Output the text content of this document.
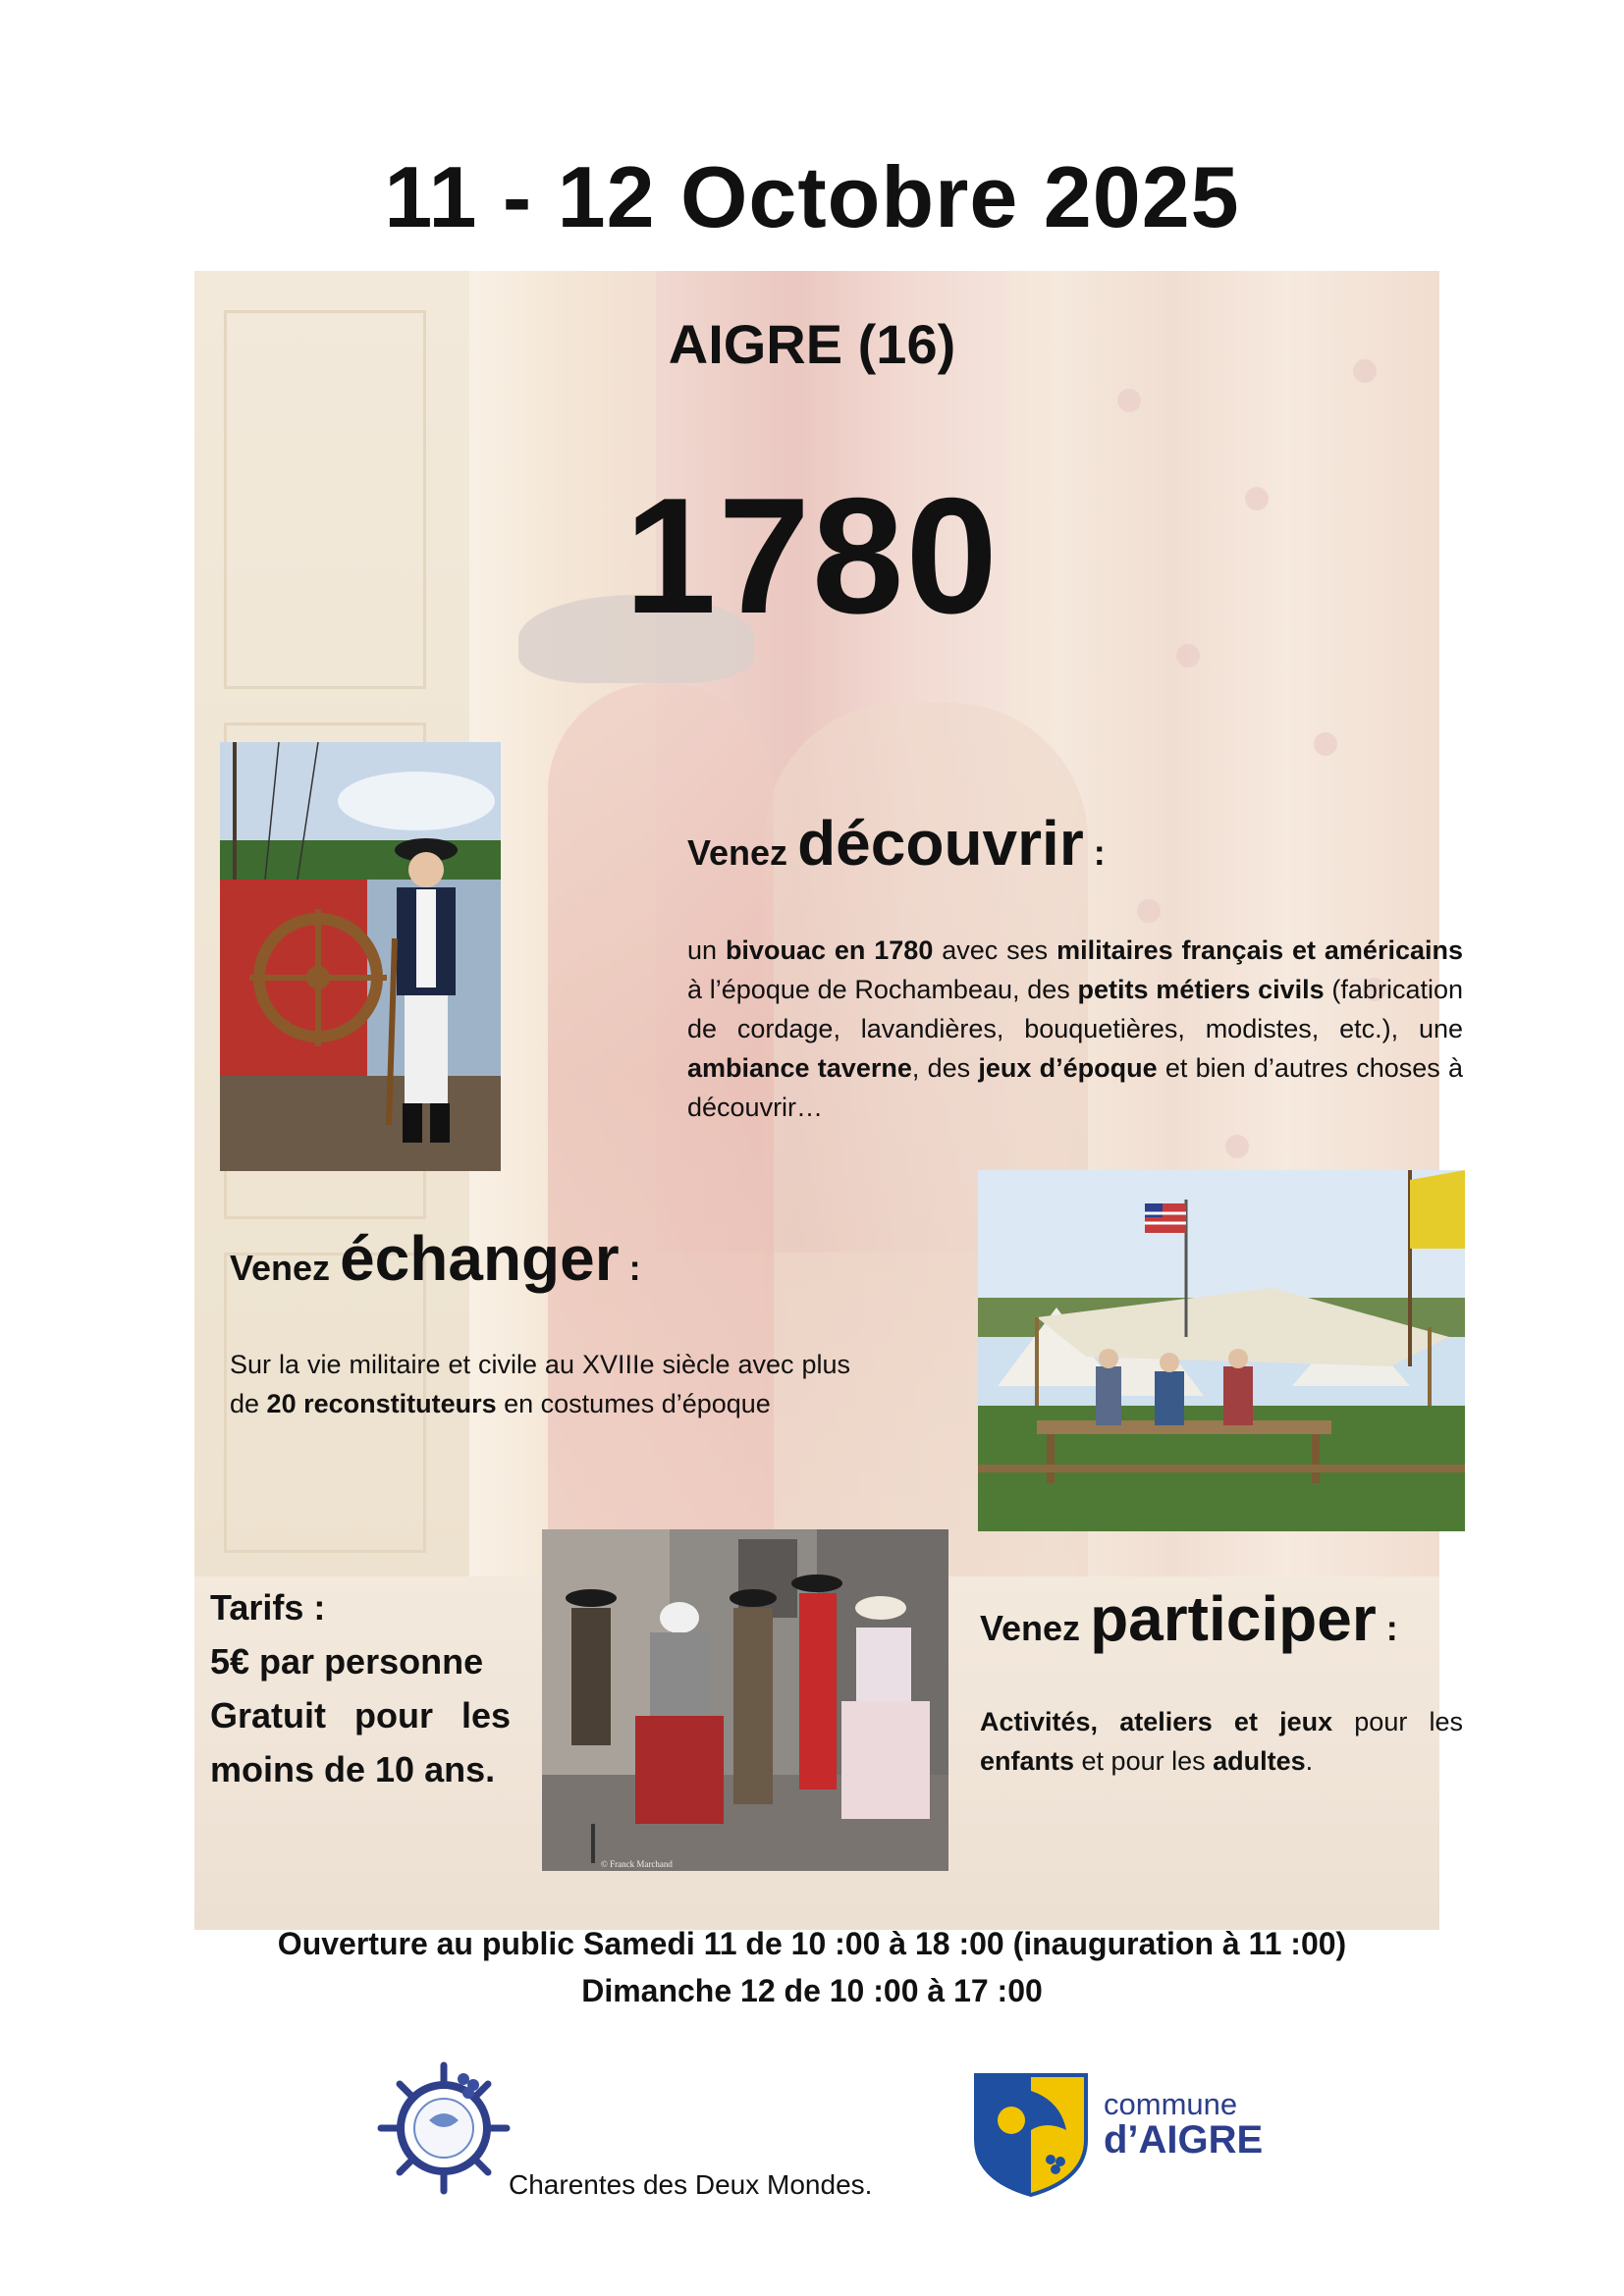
11 - 12 Octobre 2025
AIGRE (16)
1780
Venez découvrir :
un bivouac en 1780 avec ses militaires français et américains à l’époque de Rochambeau, des petits métiers civils (fabrication de cordage, lavandières, bouquetières, modistes, etc.), une ambiance taverne, des jeux d’époque et bien d’autres choses à découvrir…
Venez échanger :
Sur la vie militaire et civile au XVIIIe siècle avec plus de 20 reconstituteurs en costumes d’époque
© Franck Marchand
Tarifs :
5€ par personne
Gratuit pour les
moins de 10 ans.
Venez participer :
Activités, ateliers et jeux pour les enfants et pour les adultes.
Ouverture au public Samedi 11 de 10 :00 à 18 :00 (inauguration à 11 :00)
Dimanche 12 de 10 :00 à 17 :00
Charentes des Deux Mondes.
commune
d’AIGRE
